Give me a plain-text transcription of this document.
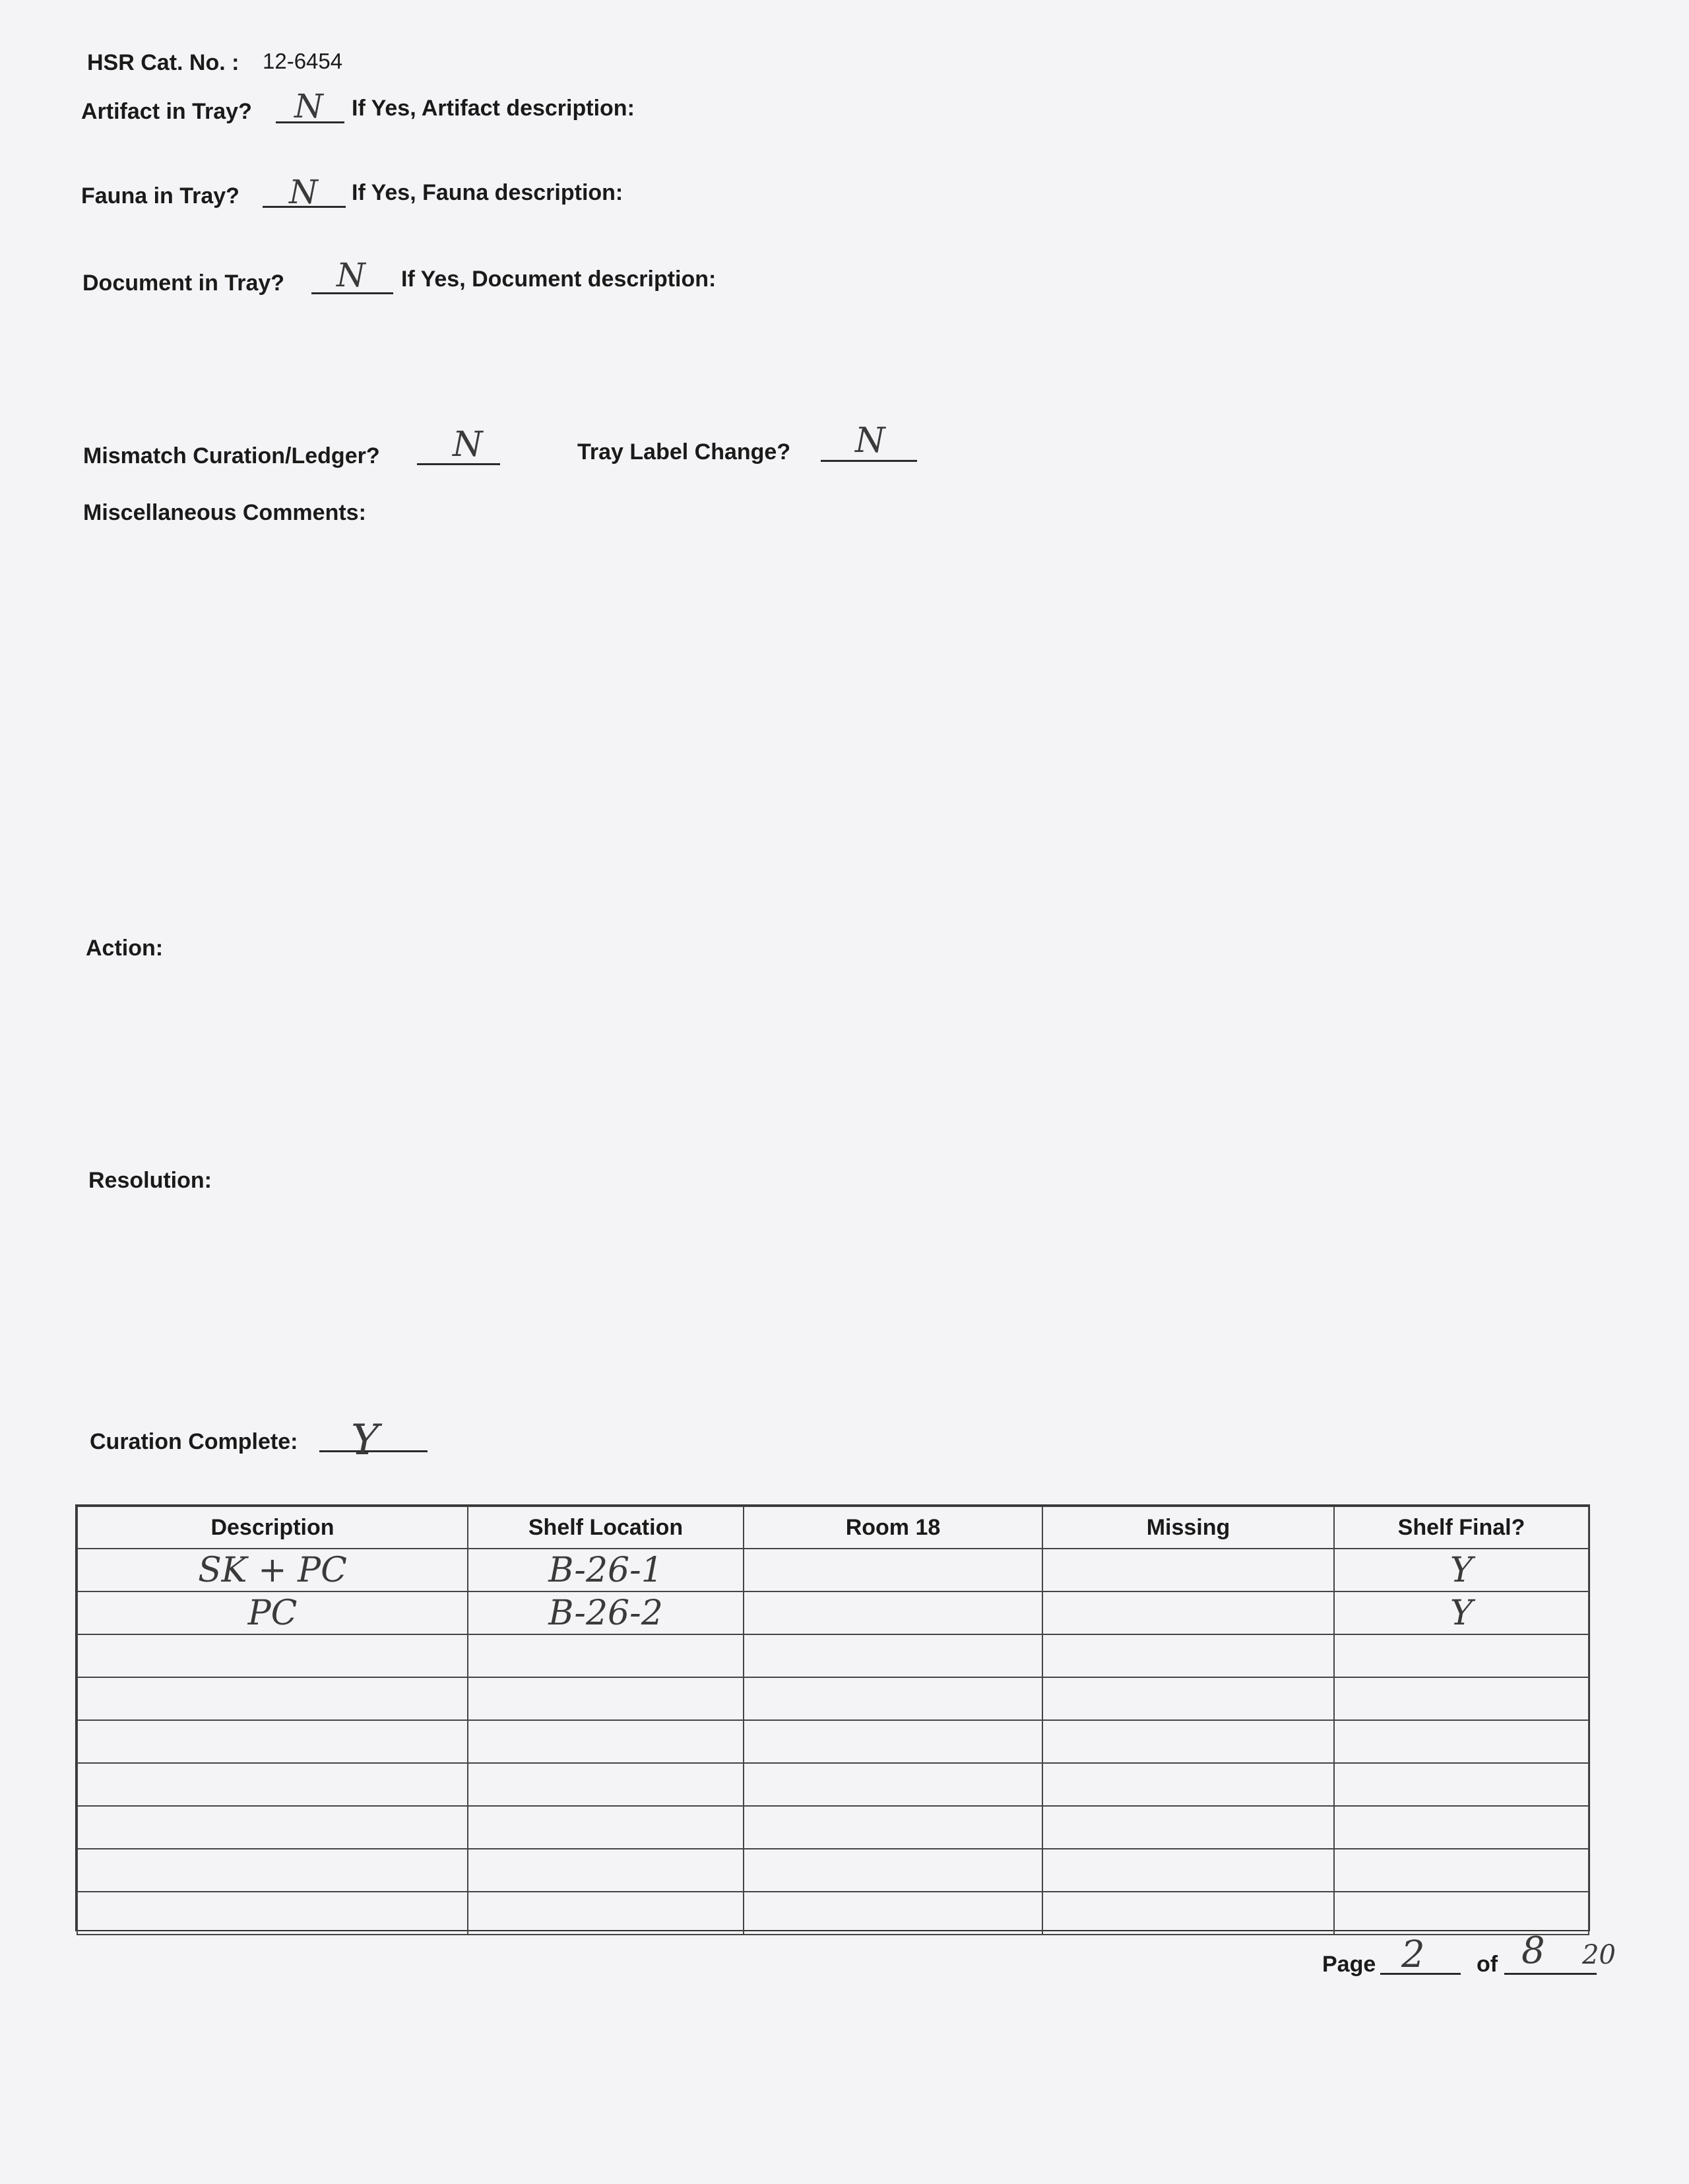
HSR Cat. No. : 12-6454
Artifact in Tray? N If Yes, Artifact description:
Fauna in Tray? N If Yes, Fauna description:
Document in Tray? N If Yes, Document description:
Mismatch Curation/Ledger? N	Tray Label Change? N
Miscellaneous Comments:
Action:
Resolution:
Curation Complete: Y
Description	Shelf Location	Room 18	Missing	Shelf Final?
SK + PC	B-26-1			Y
PC	B-26-2			Y

Page 2 of 8 20
